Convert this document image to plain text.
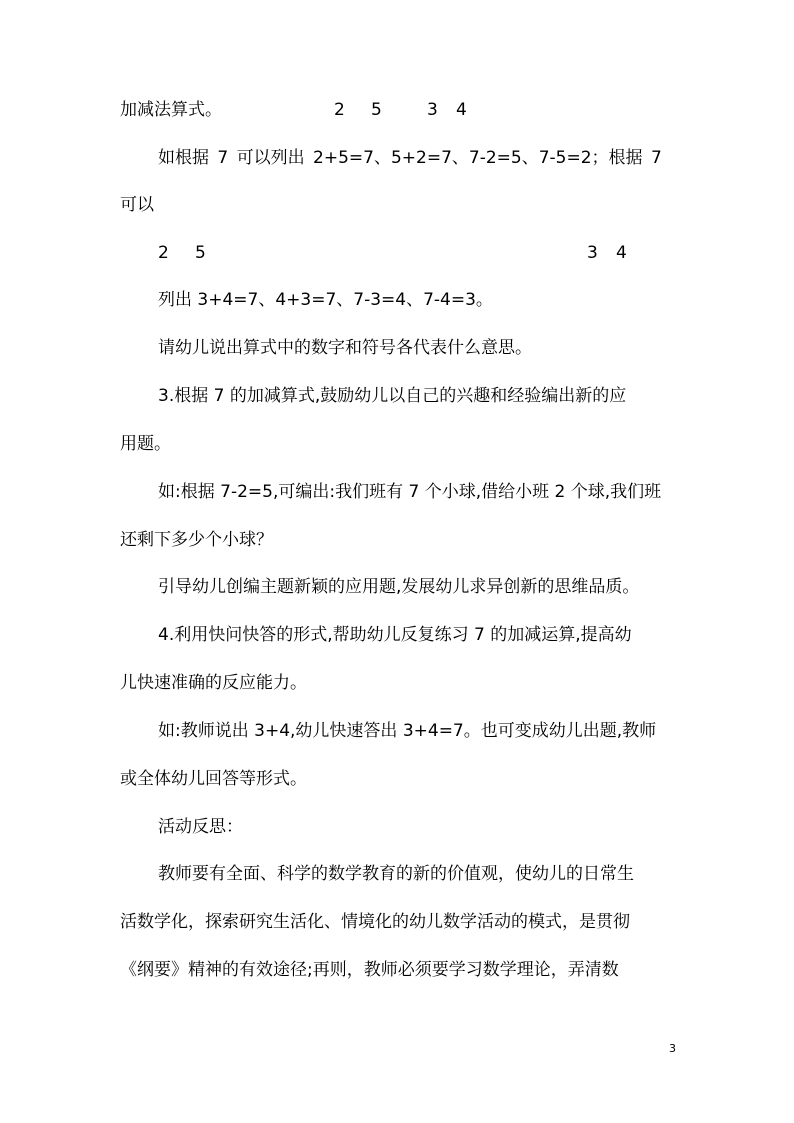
加减法算式。	2 5	3 4
如根据 7 可以列出 2+5=7、5+2=7、7-2=5、7-5=2；根据 7
可以
2 5	3 4
列出 3+4=7、4+3=7、7-3=4、7-4=3。
请幼儿说出算式中的数字和符号各代表什么意思。
3.根据 7 的加减算式,鼓励幼儿以自己的兴趣和经验编出新的应
用题。
如:根据 7-2=5,可编出:我们班有 7 个小球,借给小班 2 个球,我们班
还剩下多少个小球？
引导幼儿创编主题新颖的应用题,发展幼儿求异创新的思维品质。
4.利用快问快答的形式,帮助幼儿反复练习 7 的加减运算,提高幼
儿快速准确的反应能力。
如:教师说出 3+4,幼儿快速答出 3+4=7。也可变成幼儿出题,教师
或全体幼儿回答等形式。
活动反思：
教师要有全面、科学的数学教育的新的价值观，使幼儿的日常生
活数学化，探索研究生活化、情境化的幼儿数学活动的模式，是贯彻
《纲要》精神的有效途径;再则，教师必须要学习数学理论，弄清数
3
